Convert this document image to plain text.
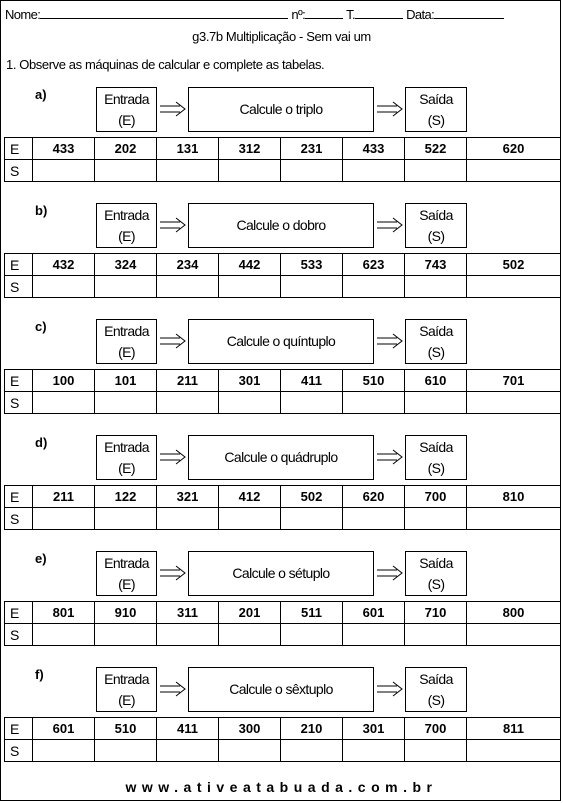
Nome:	nº:	T.	Data:
g3.7b Multiplicação - Sem vai um
1. Observe as máquinas de calcular e complete as tabelas.
a)	Entrada
(E)
Calcule o triplo
Saída
(S)
E	433	202	131	312	231	433	522	620
S								
b)	Entrada
(E)
Calcule o dobro
Saída
(S)
E	432	324	234	442	533	623	743	502
S								
c)	Entrada
(E)
Calcule o quíntuplo
Saída
(S)
E	100	101	211	301	411	510	610	701
S								
d)	Entrada
(E)
Calcule o quádruplo
Saída
(S)
E	211	122	321	412	502	620	700	810
S								
e)	Entrada
(E)
Calcule o sétuplo
Saída
(S)
E	801	910	311	201	511	601	710	800
S								
f)	Entrada
(E)
Calcule o sêxtuplo
Saída
(S)
E	601	510	411	300	210	301	700	811
S								
www.ativeatabuada.com.br
